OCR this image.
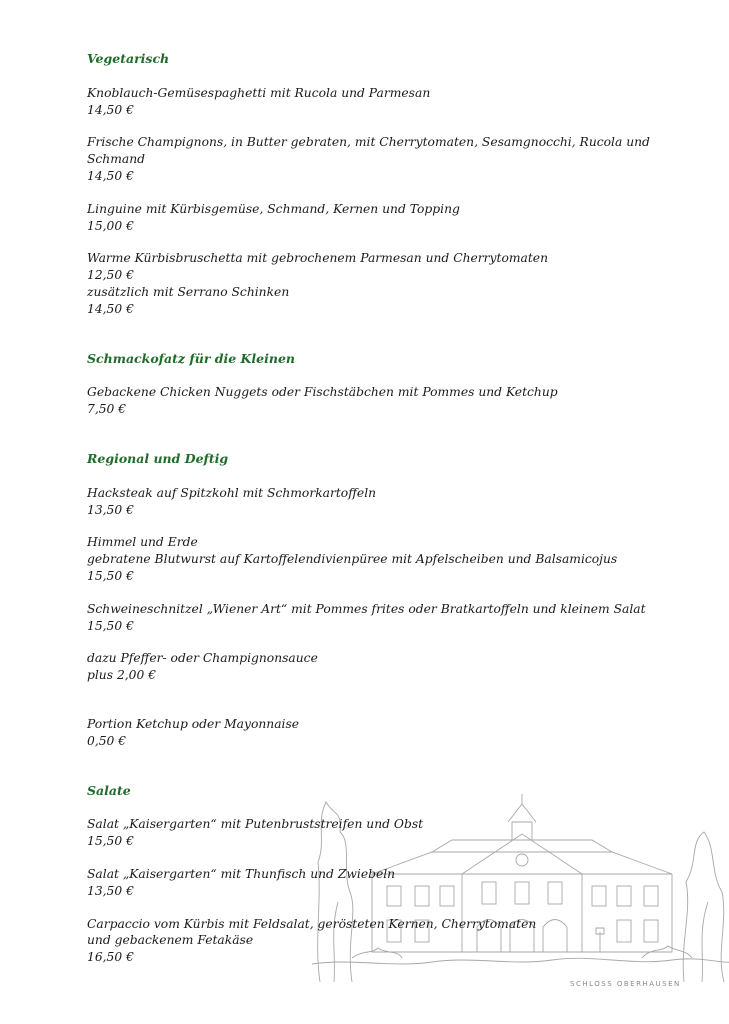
SCHLOSS OBERHAUSEN
Vegetarisch
Knoblauch-Gemüsespaghetti mit Rucola und Parmesan
14,50 €
Frische Champignons, in Butter gebraten, mit Cherrytomaten, Sesamgnocchi, Rucola und
Schmand
14,50 €
Linguine mit Kürbisgemüse, Schmand, Kernen und Topping
15,00 €
Warme Kürbisbruschetta mit gebrochenem Parmesan und Cherrytomaten
12,50 €
zusätzlich mit Serrano Schinken
14,50 €
Schmackofatz für die Kleinen
Gebackene Chicken Nuggets oder Fischstäbchen mit Pommes und Ketchup
7,50 €
Regional und Deftig
Hacksteak auf Spitzkohl mit Schmorkartoffeln
13,50 €
Himmel und Erde
gebratene Blutwurst auf Kartoffelendivienpüree mit Apfelscheiben und Balsamicojus
15,50 €
Schweineschnitzel „Wiener Art“ mit Pommes frites oder Bratkartoffeln und kleinem Salat
15,50 €
dazu Pfeffer- oder Champignonsauce
plus 2,00 €
Portion Ketchup oder Mayonnaise
0,50 €
Salate
Salat „Kaisergarten“ mit Putenbruststreifen und Obst
15,50 €
Salat „Kaisergarten“ mit Thunfisch und Zwiebeln
13,50 €
Carpaccio vom Kürbis mit Feldsalat, gerösteten Kernen, Cherrytomaten
und gebackenem Fetakäse
16,50 €
